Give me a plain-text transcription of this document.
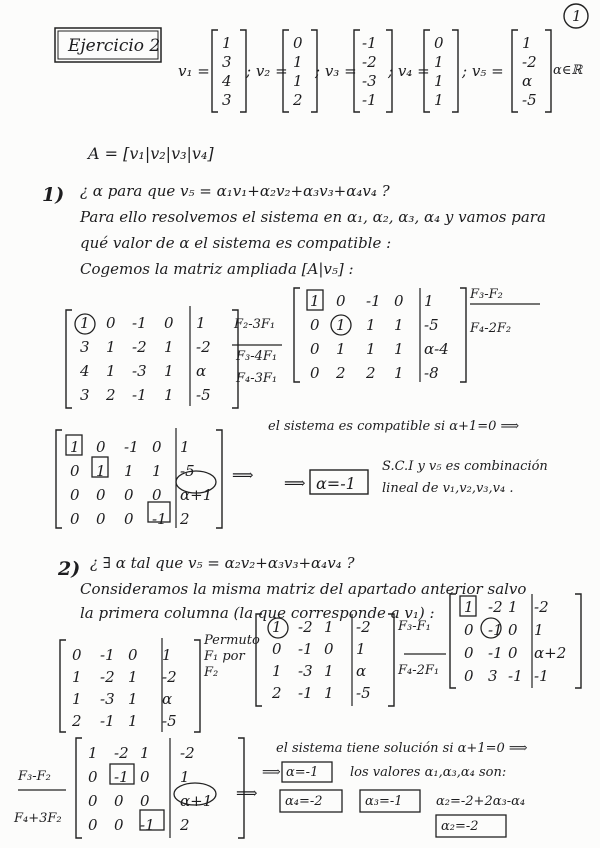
Ejercicio 2
1
v₁ =
1
3
4
3
; v₂ =
0
1
1
2
; v₃ =
-1
-2
-3
-1
; v₄ =
0
1
1
1
; v₅ =
1
-2
α
-5
α∈ℝ
A = [v₁|v₂|v₃|v₄]
1) ¿ α para que v₅ = α₁v₁+α₂v₂+α₃v₃+α₄v₄ ?
Para ello resolvemos el sistema en α₁, α₂, α₃, α₄ y vamos para
qué valor de α el sistema es compatible :
Cogemos la matriz ampliada [A|v₅] :
1 0 -1 0 1
3 1 -2 1 -2
4 1 -3 1 α
3 2 -1 1 -5
F₂-3F₁
F₃-4F₁
F₄-3F₁
1 0 -1 0 1
0 1 1 1 -5
0 1 1 1 α-4
0 2 2 1 -8
F₃-F₂
F₄-2F₂
1 0 -1 0 1
0 1 1 1 -5
0 0 0 0 α+1
0 0 0 -1 2
⟹
el sistema es compatible si α+1=0 ⟹
⟹ α=-1
S.C.I y v₅ es combinación
lineal de v₁,v₂,v₃,v₄ .
2) ¿ ∃ α tal que v₅ = α₂v₂+α₃v₃+α₄v₄ ?
Consideramos la misma matriz del apartado anterior salvo
la primera columna (la que corresponde a v₁) :
0 -1 0 1
1 -2 1 -2
1 -3 1 α
2 -1 1 -5
Permuto
F₁ por
F₂
1 -2 1 -2
0 -1 0 1
1 -3 1 α
2 -1 1 -5
F₃-F₁
F₄-2F₁
1 -2 1 -2
0 -1 0 1
0 -1 0 α+2
0 3 -1 -1
F₃-F₂
F₄+3F₂
1 -2 1 -2
0 -1 0 1
0 0 0 α+1
0 0 -1 2
⟹
el sistema tiene solución si α+1=0 ⟹
⟹ α=-1 los valores α₁,α₃,α₄ son:
α₄=-2	α₃=-1	α₂=-2+2α₃-α₄
α₂=-2
